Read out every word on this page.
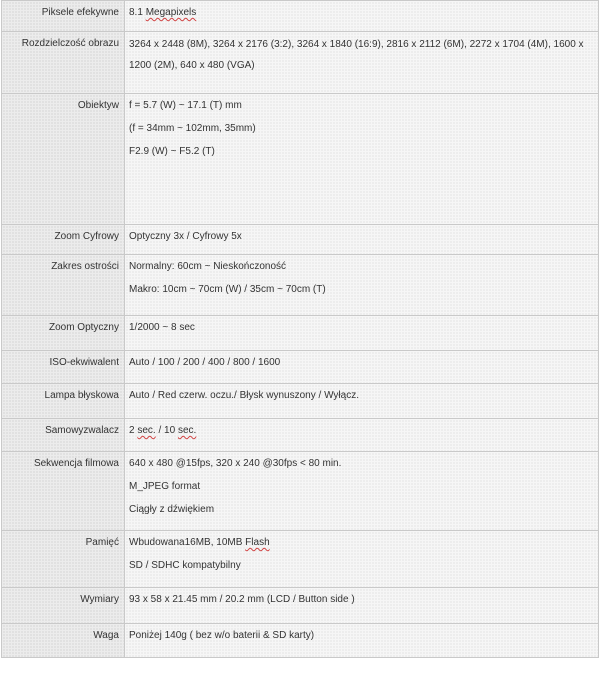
Piksele efekywne	8.1 Megapixels

Rozdzielczość obrazu	3264 x 2448 (8M), 3264 x 2176 (3:2), 3264 x 1840 (16:9), 2816 x 2112 (6M), 2272 x 1704 (4M), 1600 x 1200 (2M), 640 x 480 (VGA)

Obiektyw	f = 5.7 (W) ~ 17.1 (T) mm
(f = 34mm ~ 102mm, 35mm)
F2.9 (W) ~ F5.2 (T)

Zoom Cyfrowy	Optyczny 3x / Cyfrowy 5x

Zakres ostrości	Normalny: 60cm ~ Nieskończoność
Makro: 10cm ~ 70cm (W) / 35cm ~ 70cm (T)

Zoom Optyczny	1/2000 ~ 8 sec

ISO-ekwiwalent	Auto / 100 / 200 / 400 / 800 / 1600

Lampa błyskowa	Auto / Red czerw. oczu./ Błysk wynuszony / Wyłącz.

Samowyzwalacz	2 sec. / 10 sec.

Sekwencja filmowa	640 x 480 @15fps, 320 x 240 @30fps < 80 min.
M_JPEG format
Ciągły z dźwiękiem

Pamięć	Wbudowana16MB, 10MB Flash
SD / SDHC kompatybilny

Wymiary	93 x 58 x 21.45 mm / 20.2 mm (LCD / Button side )

Waga	Poniżej 140g ( bez w/o baterii & SD karty)
